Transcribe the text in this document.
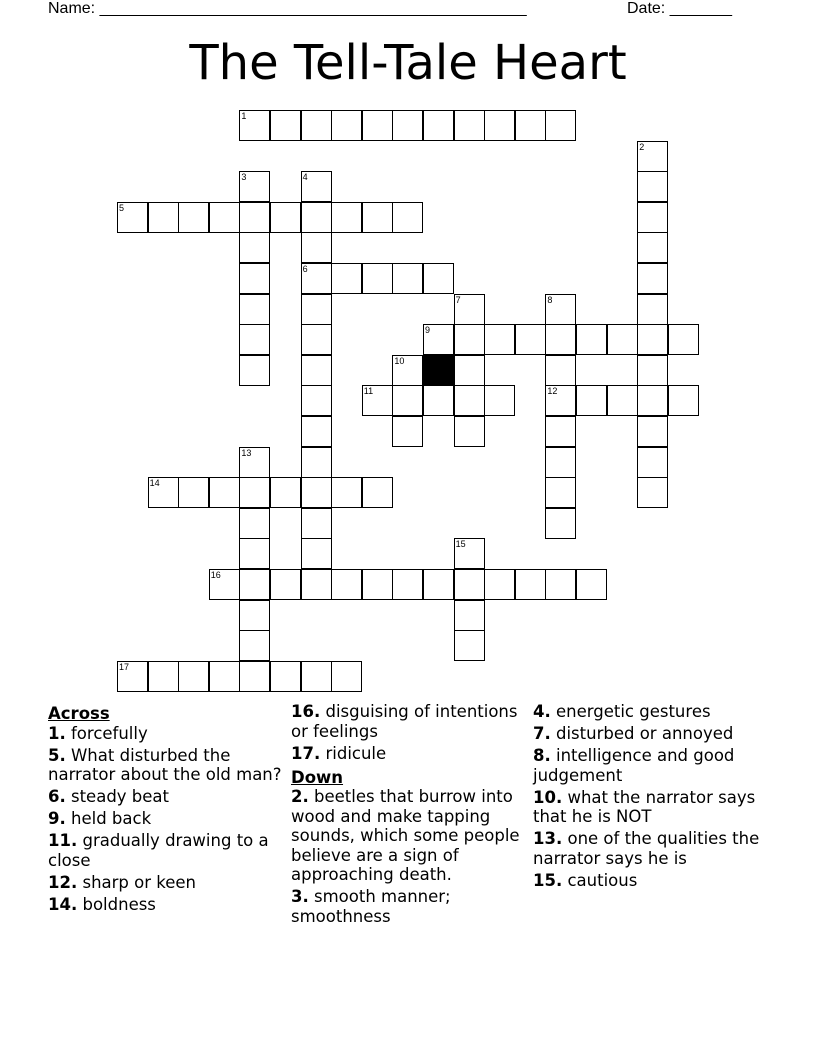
Name: ________________________________________________	Date: _______
The Tell-Tale Heart
1
2
3	4
5
6
7	8
9
10
11	12
13
14
15
16
17
Across
1. forcefully
5. What disturbed the narrator about the old man?
6. steady beat
9. held back
11. gradually drawing to a close
12. sharp or keen
14. boldness
16. disguising of intentions or feelings
17. ridicule
Down
2. beetles that burrow into wood and make tapping sounds, which some people believe are a sign of approaching death.
3. smooth manner; smoothness
4. energetic gestures
7. disturbed or annoyed
8. intelligence and good judgement
10. what the narrator says that he is NOT
13. one of the qualities the narrator says he is
15. cautious
